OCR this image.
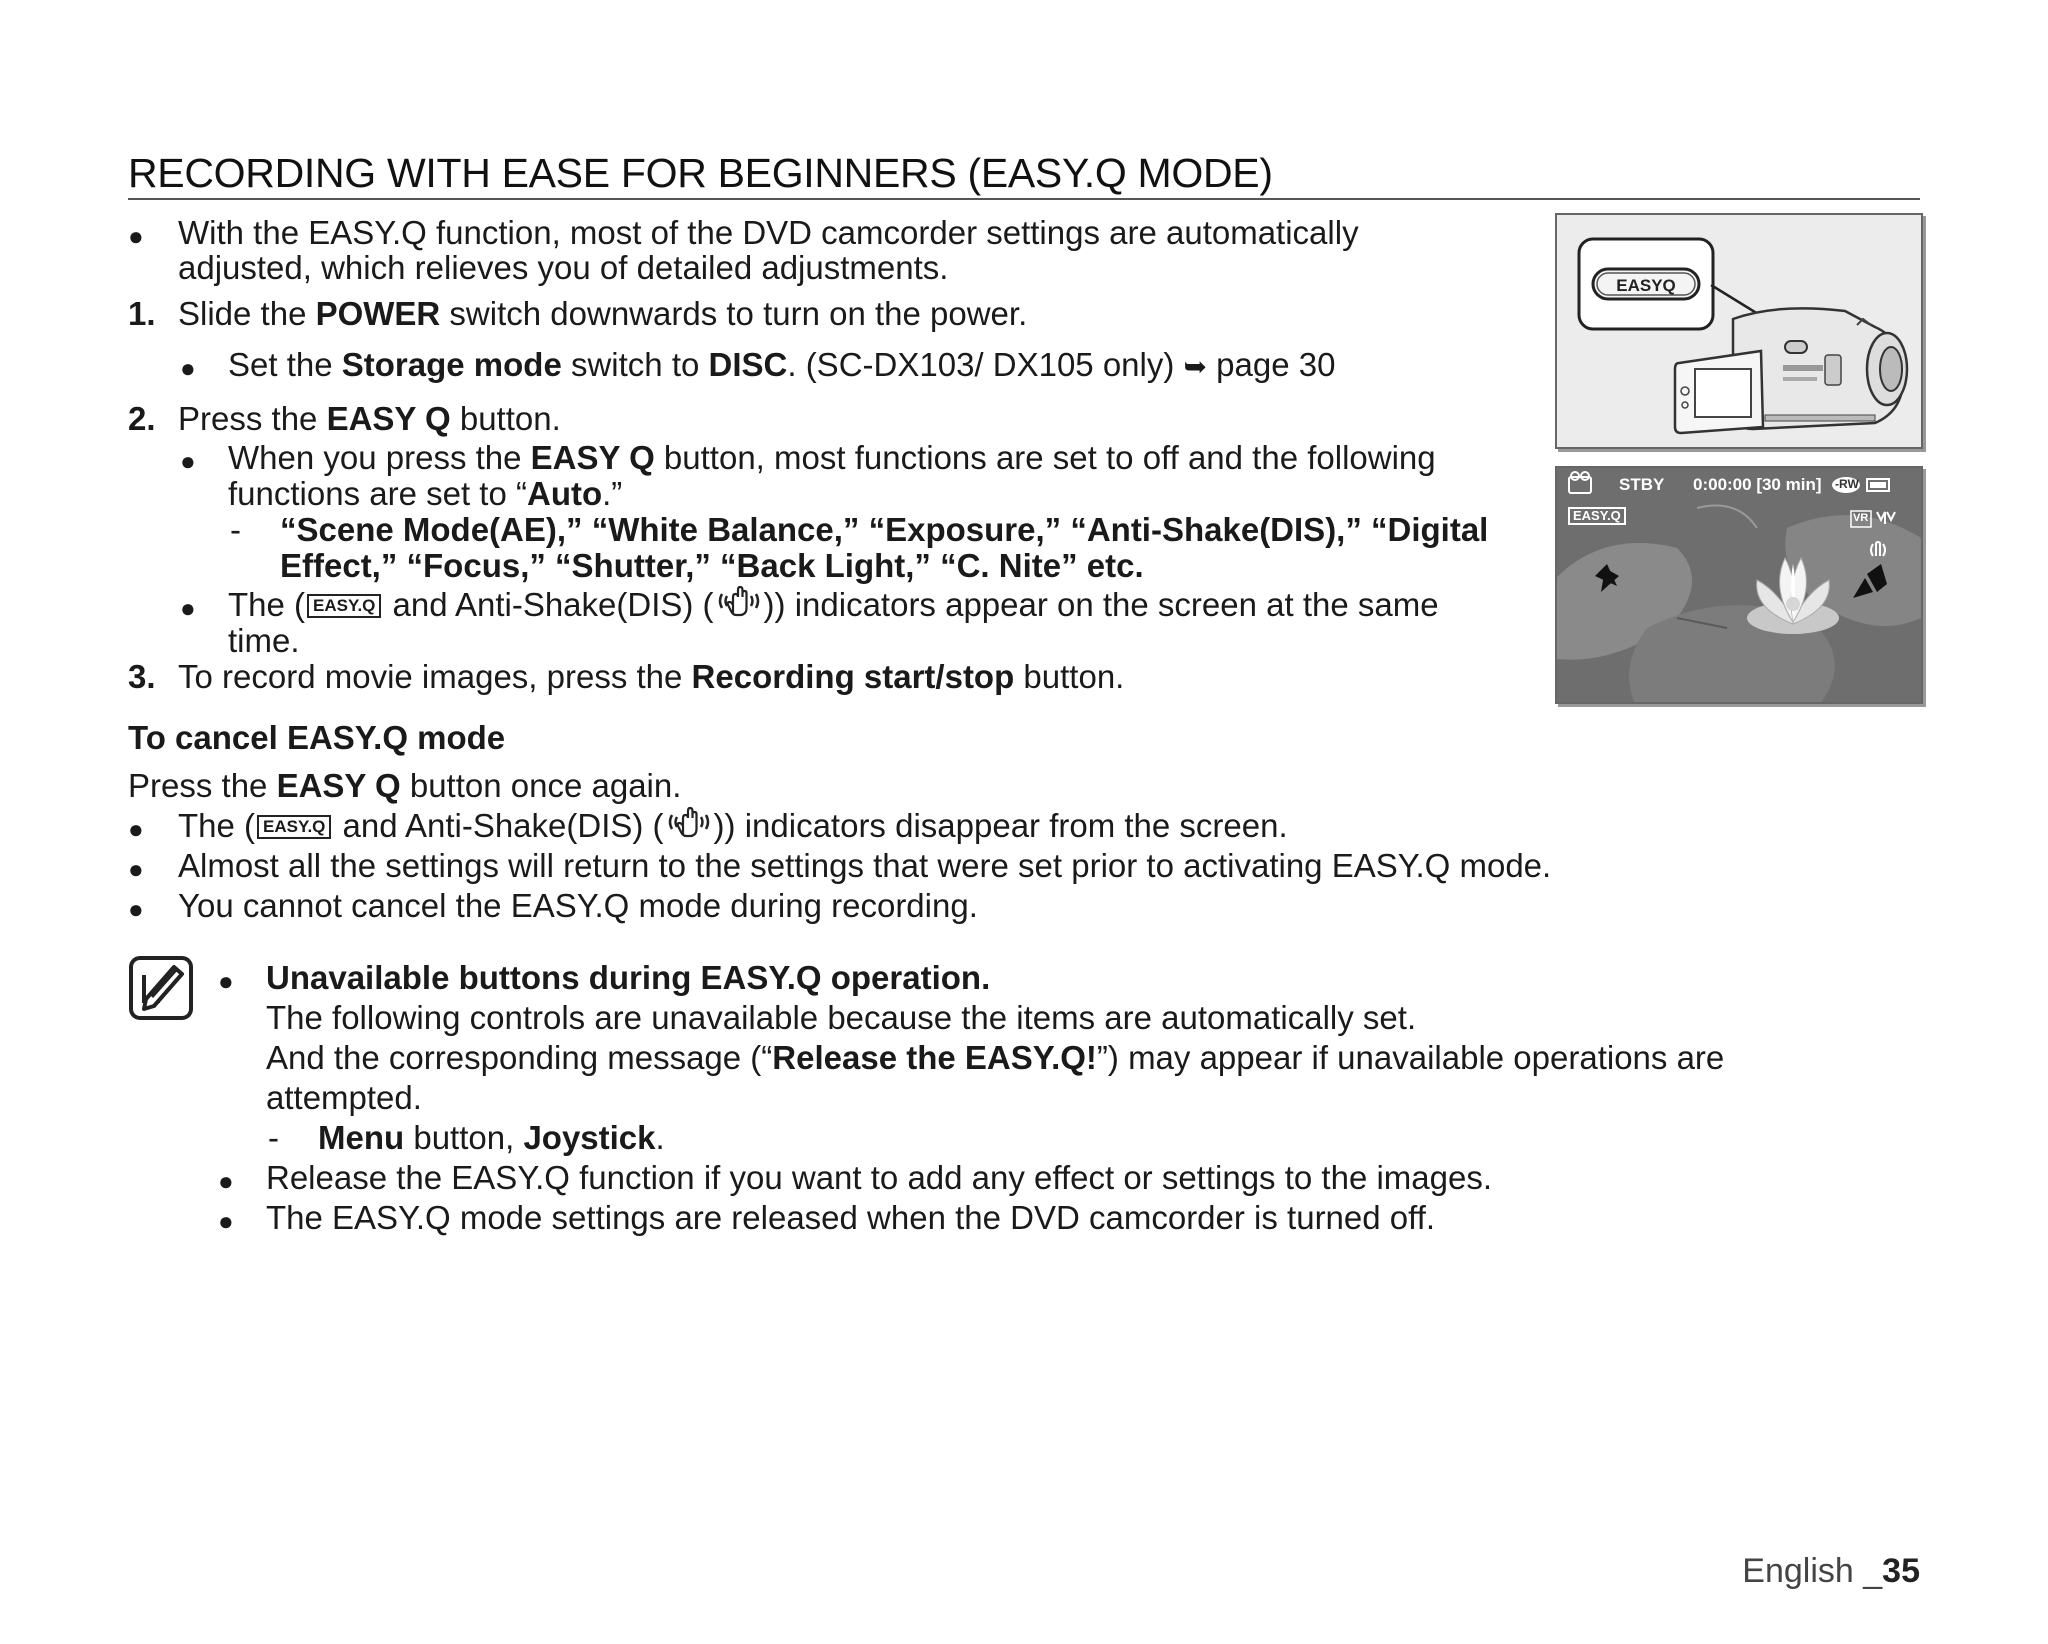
RECORDING WITH EASE FOR BEGINNERS (EASY.Q MODE)
● With the EASY.Q function, most of the DVD camcorder settings are automatically
adjusted, which relieves you of detailed adjustments.
1. Slide the POWER switch downwards to turn on the power.
● Set the Storage mode switch to DISC. (SC-DX103/ DX105 only) ➥ page 30
2. Press the EASY Q button.
● When you press the EASY Q button, most functions are set to off and the following
functions are set to “Auto.”
- “Scene Mode(AE),” “White Balance,” “Exposure,” “Anti-Shake(DIS),” “Digital
Effect,” “Focus,” “Shutter,” “Back Light,” “C. Nite” etc.
● The ( EASY.Q and Anti-Shake(DIS) ( )) indicators appear on the screen at the same
time.
3. To record movie images, press the Recording start/stop button.
To cancel EASY.Q mode
Press the EASY Q button once again.
● The ( EASY.Q and Anti-Shake(DIS) ( )) indicators disappear from the screen.
● Almost all the settings will return to the settings that were set prior to activating EASY.Q mode.
● You cannot cancel the EASY.Q mode during recording.
● Unavailable buttons during EASY.Q operation.
The following controls are unavailable because the items are automatically set.
And the corresponding message (“Release the EASY.Q!”) may appear if unavailable operations are
attempted.
- Menu button, Joystick.
● Release the EASY.Q function if you want to add any effect or settings to the images.
● The EASY.Q mode settings are released when the DVD camcorder is turned off.
EASYQ
STBY 0:00:00 [30 min] -RW
EASY.Q	VR
English _35
